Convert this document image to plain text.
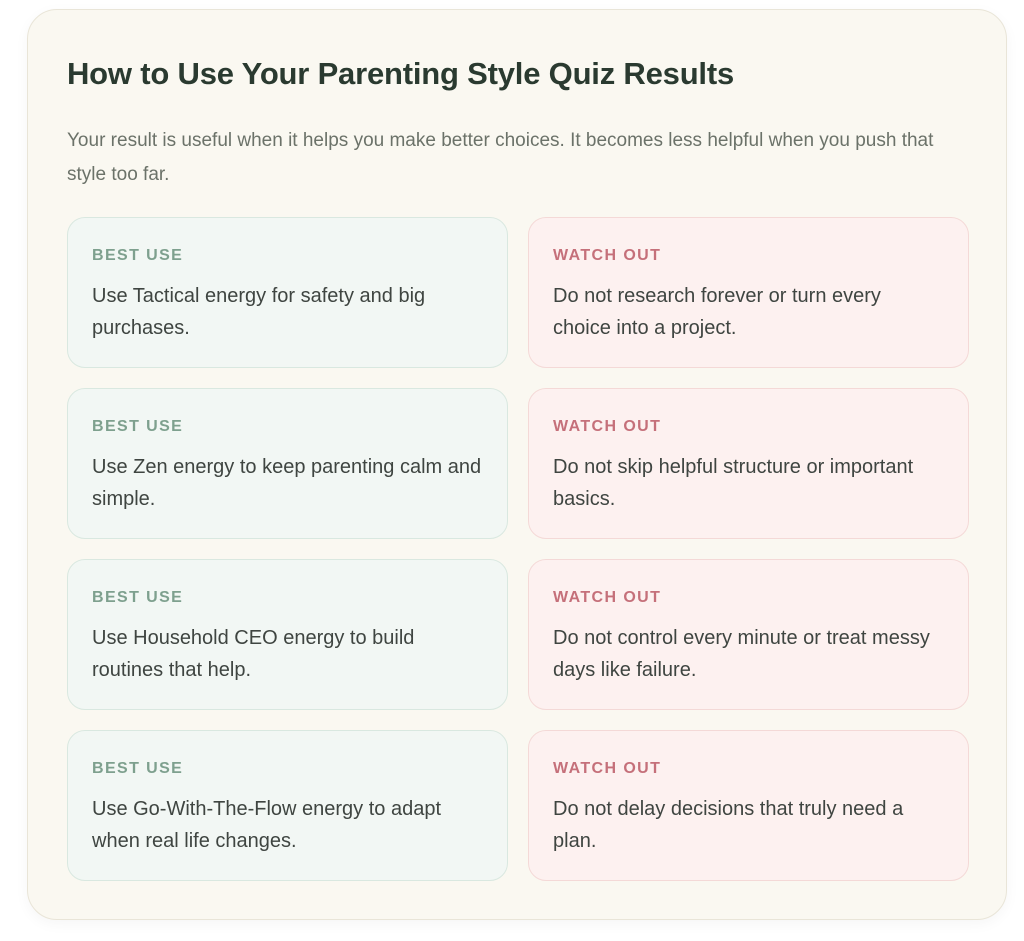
How to Use Your Parenting Style Quiz Results

Your result is useful when it helps you make better choices. It becomes less helpful when you push that style too far.

BEST USE
Use Tactical energy for safety and big purchases.
WATCH OUT
Do not research forever or turn every choice into a project.
BEST USE
Use Zen energy to keep parenting calm and simple.
WATCH OUT
Do not skip helpful structure or important basics.
BEST USE
Use Household CEO energy to build routines that help.
WATCH OUT
Do not control every minute or treat messy days like failure.
BEST USE
Use Go-With-The-Flow energy to adapt when real life changes.
WATCH OUT
Do not delay decisions that truly need a plan.
